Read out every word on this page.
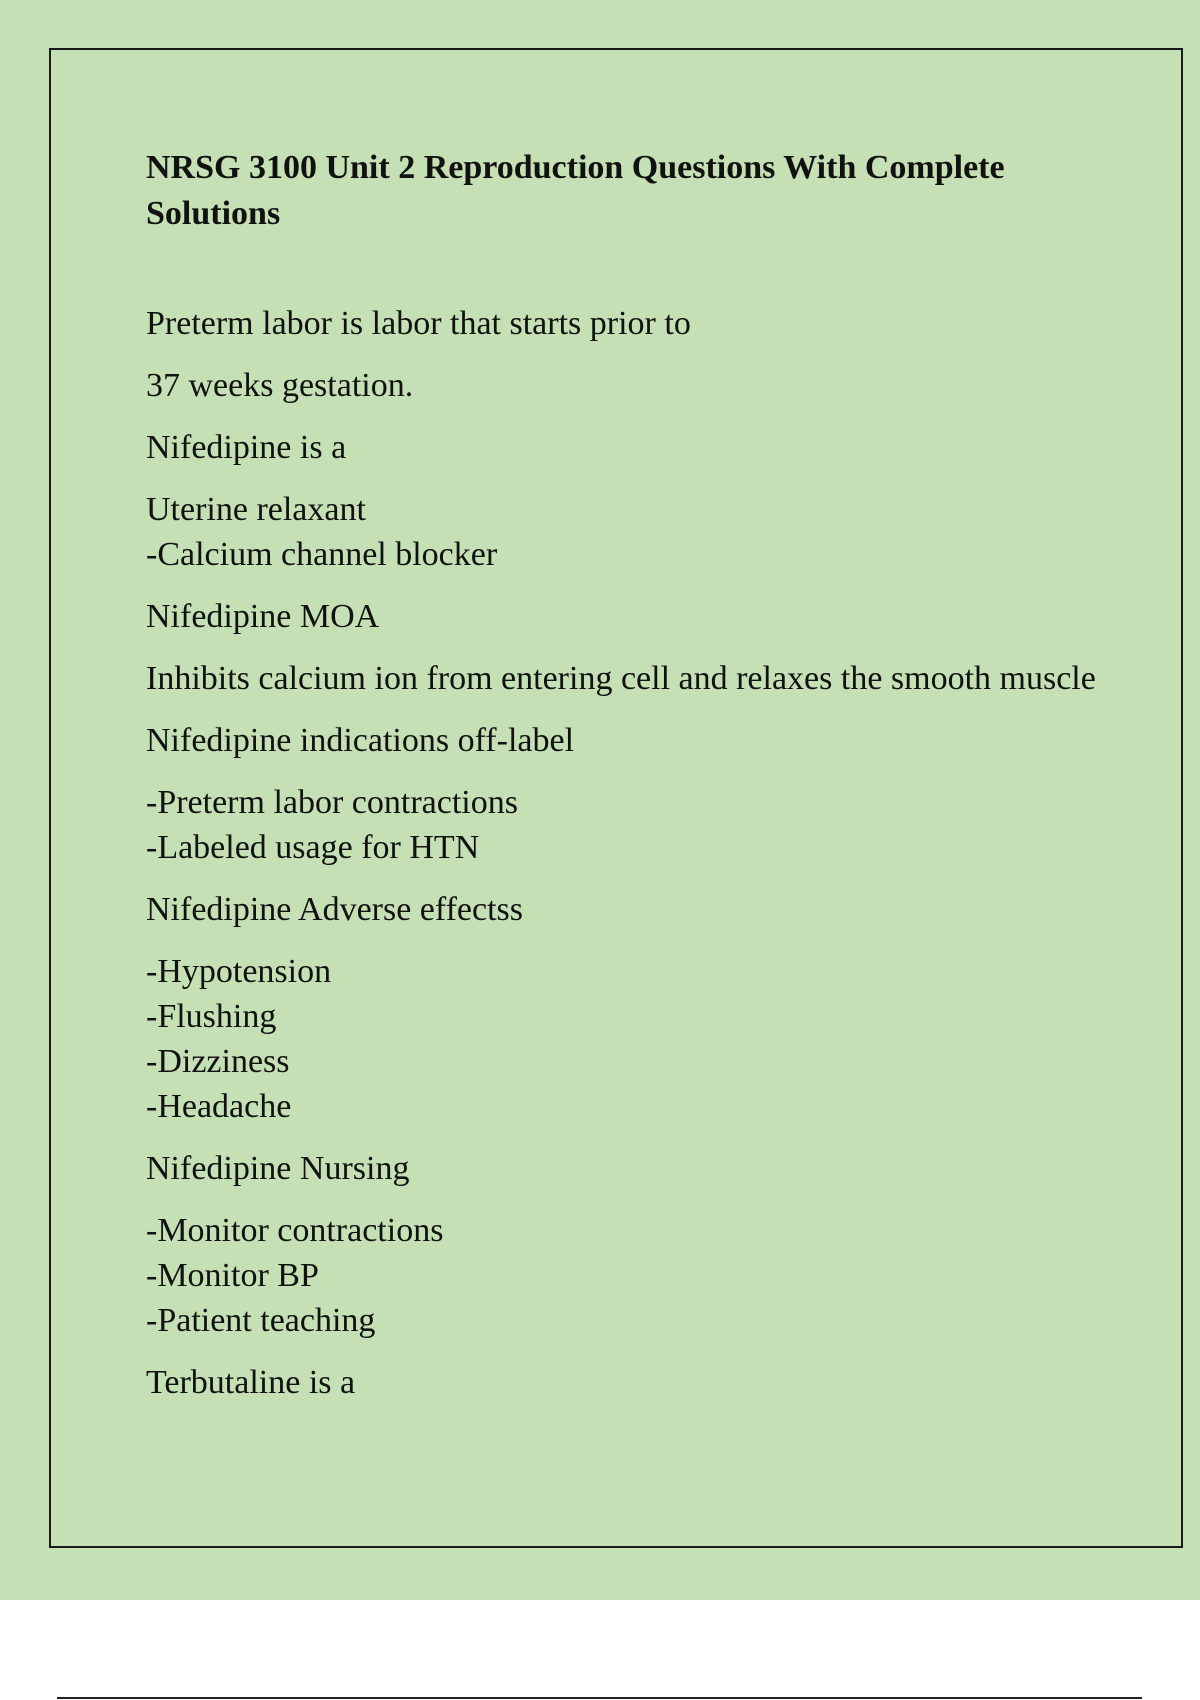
NRSG 3100 Unit 2 Reproduction Questions With Complete Solutions

Preterm labor is labor that starts prior to

37 weeks gestation.

Nifedipine is a

Uterine relaxant
-Calcium channel blocker

Nifedipine MOA

Inhibits calcium ion from entering cell and relaxes the smooth muscle

Nifedipine indications off-label

-Preterm labor contractions
-Labeled usage for HTN

Nifedipine Adverse effectss

-Hypotension
-Flushing
-Dizziness
-Headache

Nifedipine Nursing

-Monitor contractions
-Monitor BP
-Patient teaching

Terbutaline is a
